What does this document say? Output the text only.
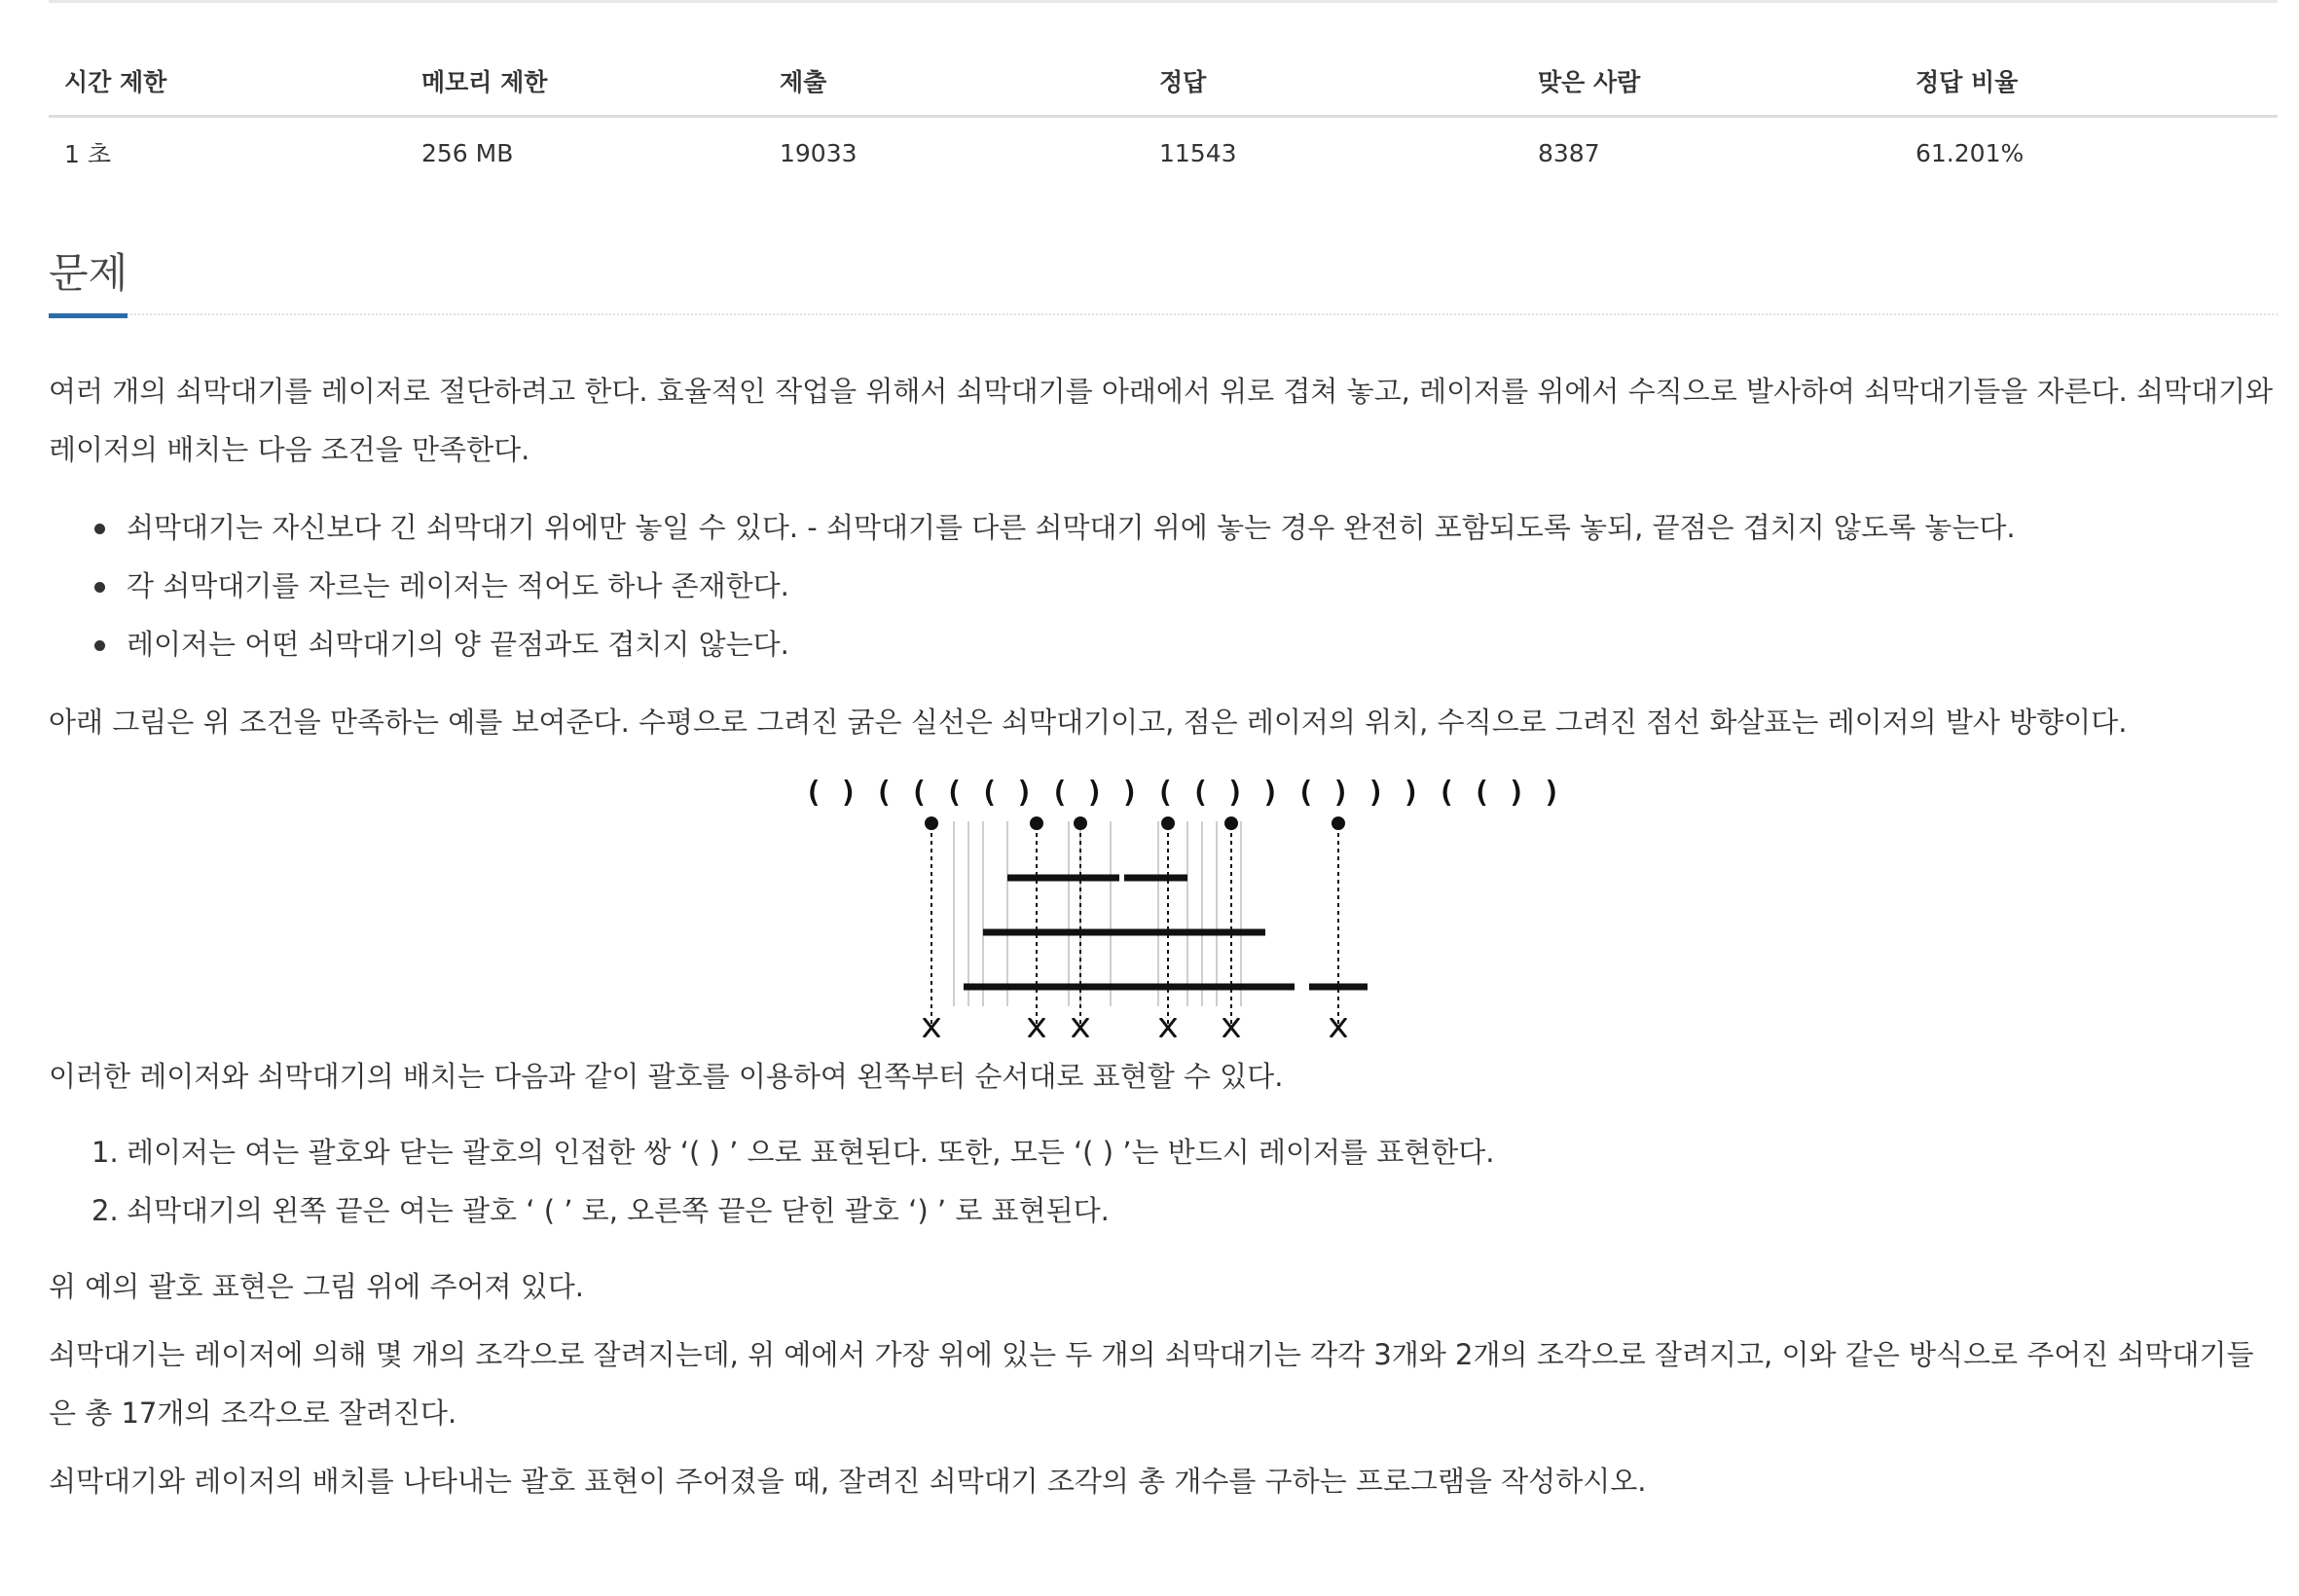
시간 제한	메모리 제한	제출	정답	맞은 사람	정답 비율
1 초	256 MB	19033	11543	8387	61.201%
문제

여러 개의 쇠막대기를 레이저로 절단하려고 한다. 효율적인 작업을 위해서 쇠막대기를 아래에서 위로 겹쳐 놓고, 레이저를 위에서 수직으로 발사하여 쇠막대기들을 자른다. 쇠막대기와 레이저의 배치는 다음 조건을 만족한다.

쇠막대기는 자신보다 긴 쇠막대기 위에만 놓일 수 있다. - 쇠막대기를 다른 쇠막대기 위에 놓는 경우 완전히 포함되도록 놓되, 끝점은 겹치지 않도록 놓는다.
각 쇠막대기를 자르는 레이저는 적어도 하나 존재한다.
레이저는 어떤 쇠막대기의 양 끝점과도 겹치지 않는다.

아래 그림은 위 조건을 만족하는 예를 보여준다. 수평으로 그려진 굵은 실선은 쇠막대기이고, 점은 레이저의 위치, 수직으로 그려진 점선 화살표는 레이저의 발사 방향이다.

( ) ( ( ( ( ) ( ) ) ( ( ) ) ( ) ) ) ( ( ) )

이러한 레이저와 쇠막대기의 배치는 다음과 같이 괄호를 이용하여 왼쪽부터 순서대로 표현할 수 있다.

1. 레이저는 여는 괄호와 닫는 괄호의 인접한 쌍 ‘( ) ’ 으로 표현된다. 또한, 모든 ‘( ) ’는 반드시 레이저를 표현한다.
2. 쇠막대기의 왼쪽 끝은 여는 괄호 ‘ ( ’ 로, 오른쪽 끝은 닫힌 괄호 ‘) ’ 로 표현된다.

위 예의 괄호 표현은 그림 위에 주어져 있다.

쇠막대기는 레이저에 의해 몇 개의 조각으로 잘려지는데, 위 예에서 가장 위에 있는 두 개의 쇠막대기는 각각 3개와 2개의 조각으로 잘려지고, 이와 같은 방식으로 주어진 쇠막대기들은 총 17개의 조각으로 잘려진다.

쇠막대기와 레이저의 배치를 나타내는 괄호 표현이 주어졌을 때, 잘려진 쇠막대기 조각의 총 개수를 구하는 프로그램을 작성하시오.
